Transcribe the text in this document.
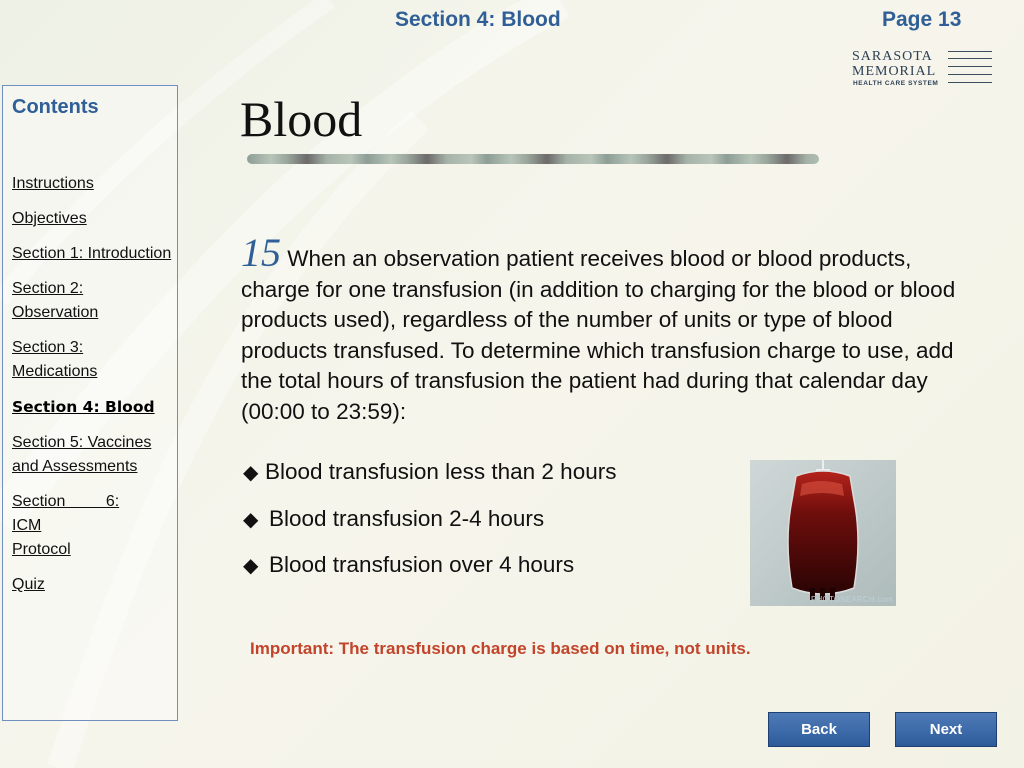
Section 4: Blood	Page 13
SARASOTA
MEMORIAL
HEALTH CARE SYSTEM
Contents
Instructions
Objectives
Section 1: Introduction
Section 2: Observation
Section 3: Medications
Section 4: Blood
Section 5: Vaccines and Assessments
Section 6: ICM
Protocol
Quiz
Blood
15 When an observation patient receives blood or blood products, charge for one transfusion (in addition to charging for the blood or blood products used), regardless of the number of units or type of blood products transfused. To determine which transfusion charge to use, add the total hours of transfusion the patient had during that calendar day (00:00 to 23:59):
◆ Blood transfusion less than 2 hours
◆ Blood transfusion 2-4 hours
◆ Blood transfusion over 4 hours
PHOTOSEARCH.com
Important: The transfusion charge is based on time, not units.
Back	Next
